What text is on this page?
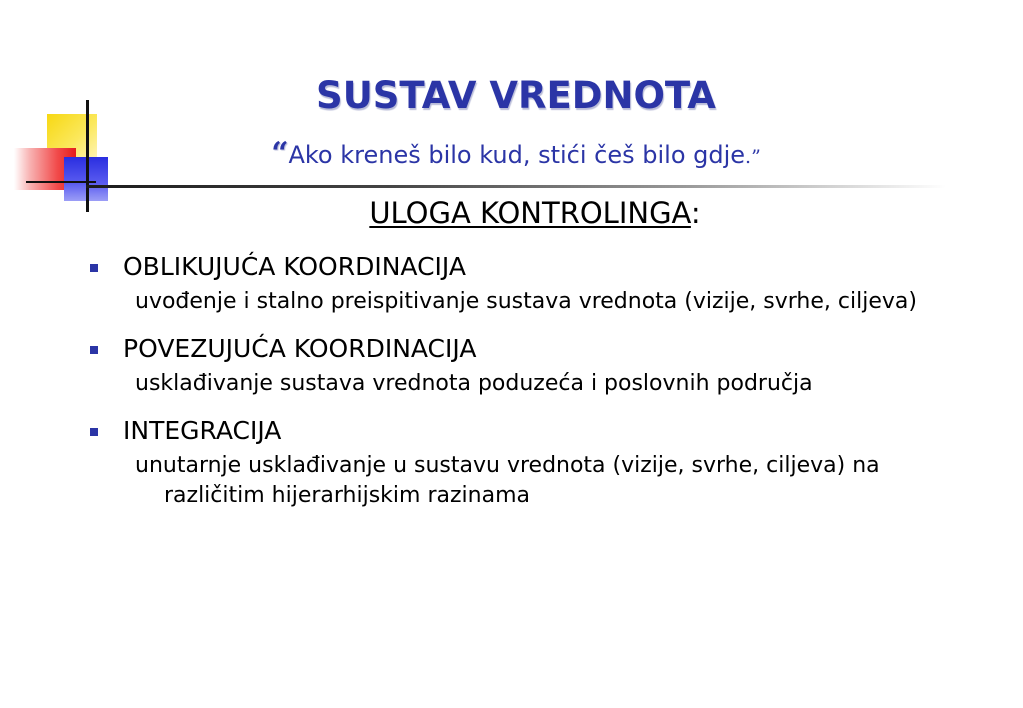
SUSTAV VREDNOTA
“Ako kreneš bilo kud, stići češ bilo gdje.”
ULOGA KONTROLINGA:
OBLIKUJUĆA KOORDINACIJA
uvođenje i stalno preispitivanje sustava vrednota (vizije, svrhe, ciljeva)
POVEZUJUĆA KOORDINACIJA
usklađivanje sustava vrednota poduzeća i poslovnih područja
INTEGRACIJA
unutarnje usklađivanje u sustavu vrednota (vizije, svrhe, ciljeva) na različitim hijerarhijskim razinama
